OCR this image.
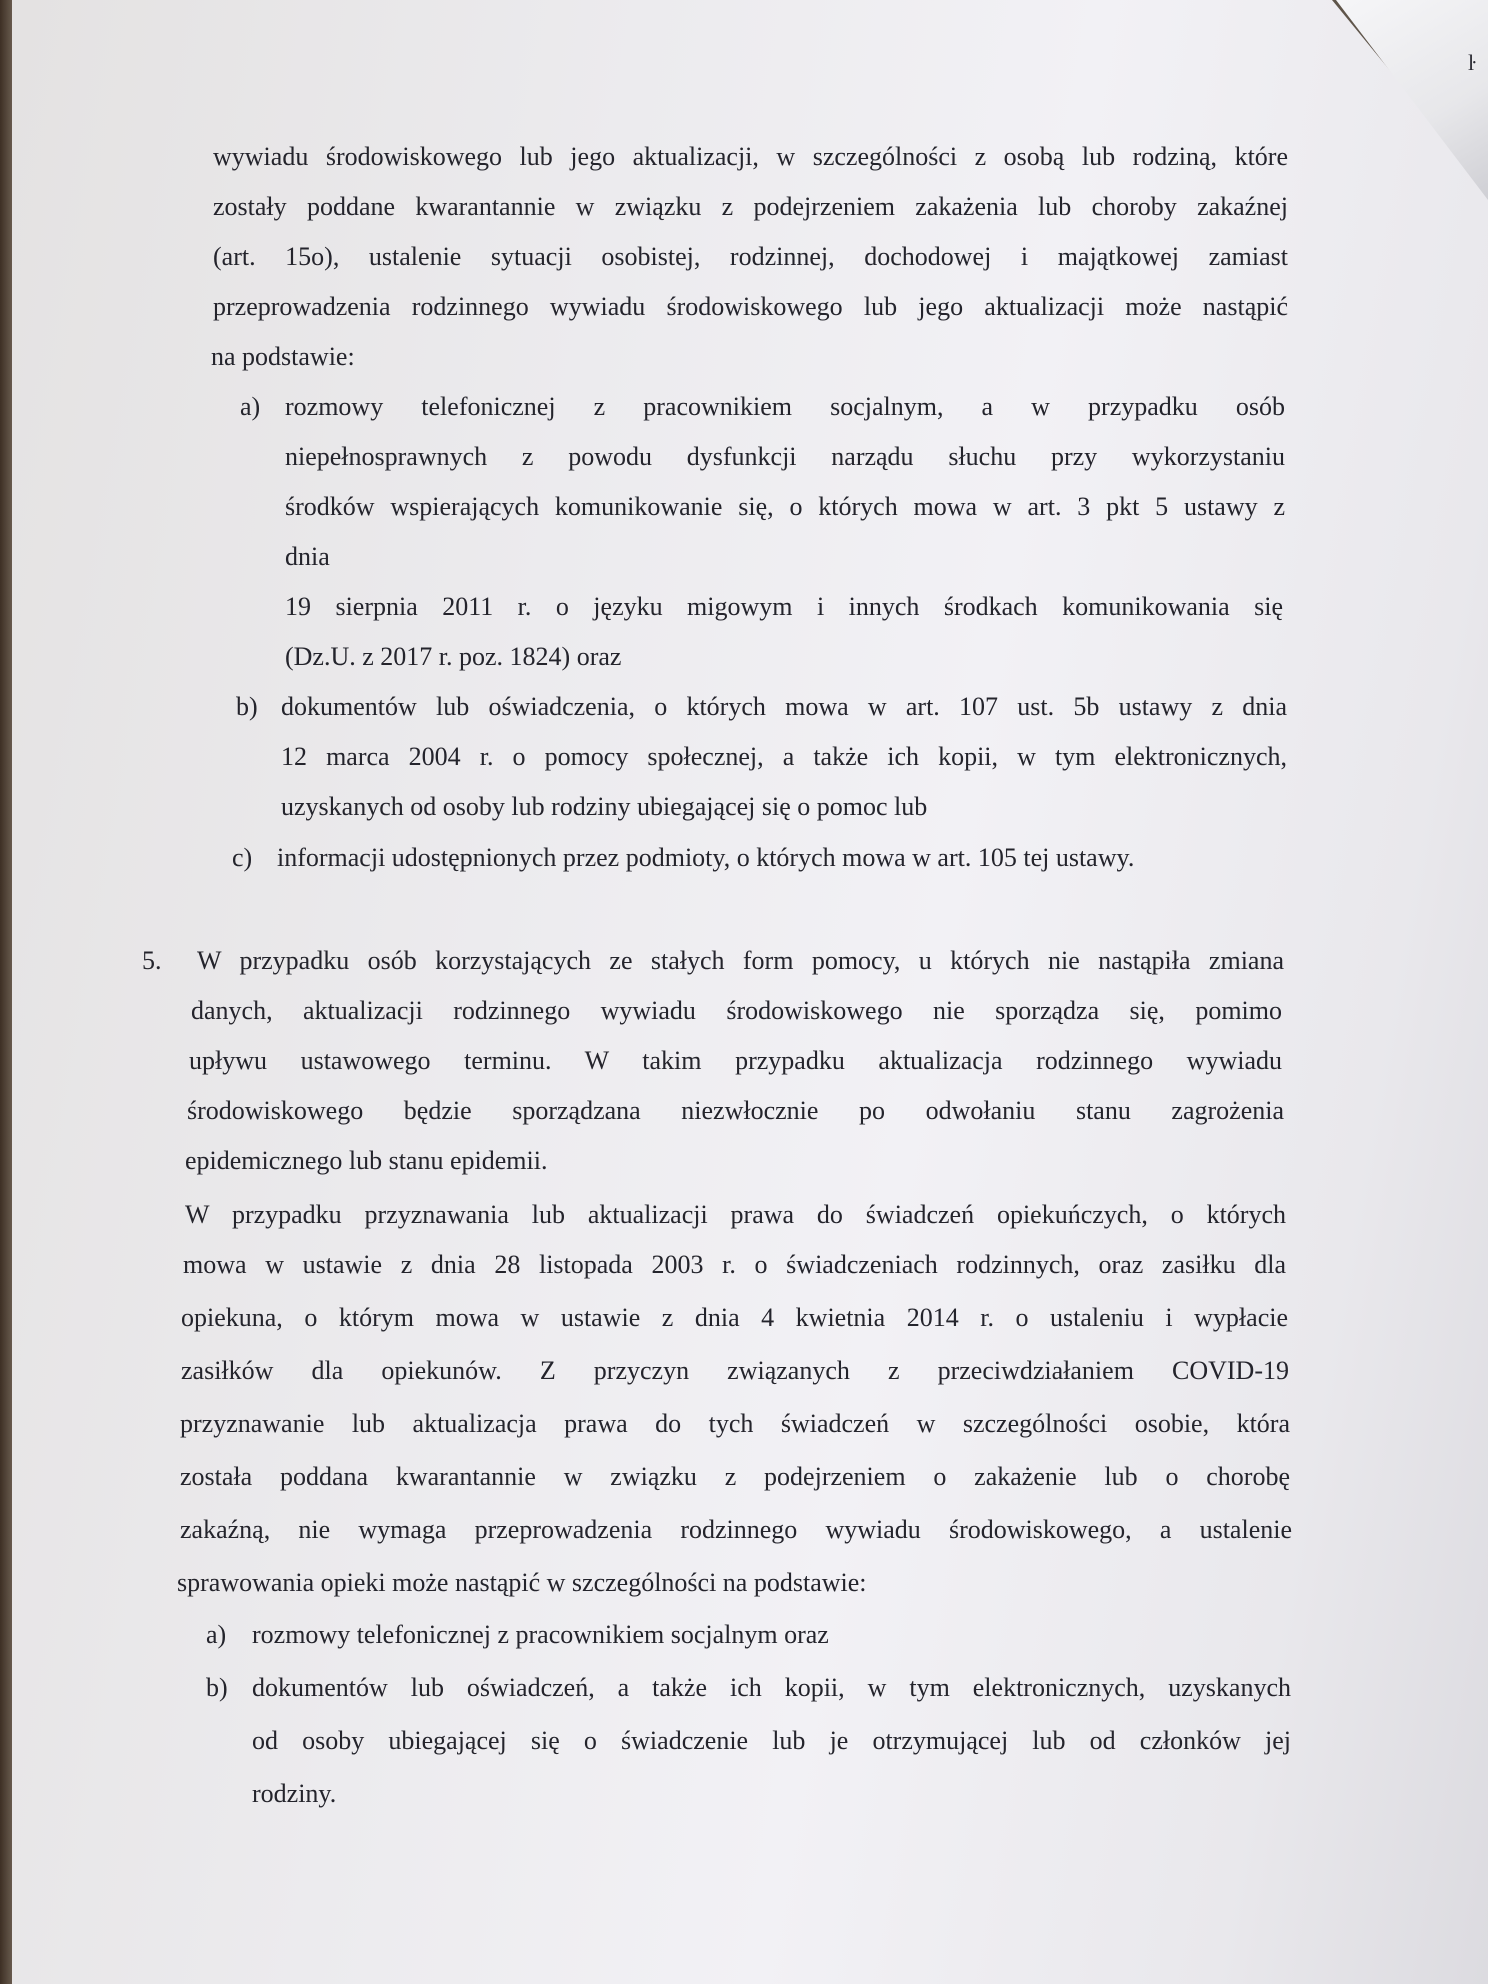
ŀ
wywiadu środowiskowego lub jego aktualizacji, w szczególności z osobą lub rodziną, które
zostały poddane kwarantannie w związku z podejrzeniem zakażenia lub choroby zakaźnej
(art. 15o), ustalenie sytuacji osobistej, rodzinnej, dochodowej i majątkowej zamiast
przeprowadzenia rodzinnego wywiadu środowiskowego lub jego aktualizacji może nastąpić
na podstawie:
a) rozmowy telefonicznej z pracownikiem socjalnym, a w przypadku osób
niepełnosprawnych z powodu dysfunkcji narządu słuchu przy wykorzystaniu
środków wspierających komunikowanie się, o których mowa w art. 3 pkt 5 ustawy z
dnia
19 sierpnia 2011 r. o języku migowym i innych środkach komunikowania się
(Dz.U. z 2017 r. poz. 1824) oraz
b) dokumentów lub oświadczenia, o których mowa w art. 107 ust. 5b ustawy z dnia
12 marca 2004 r. o pomocy społecznej, a także ich kopii, w tym elektronicznych,
uzyskanych od osoby lub rodziny ubiegającej się o pomoc lub
c) informacji udostępnionych przez podmioty, o których mowa w art. 105 tej ustawy.
5. W przypadku osób korzystających ze stałych form pomocy, u których nie nastąpiła zmiana
danych, aktualizacji rodzinnego wywiadu środowiskowego nie sporządza się, pomimo
upływu ustawowego terminu. W takim przypadku aktualizacja rodzinnego wywiadu
środowiskowego będzie sporządzana niezwłocznie po odwołaniu stanu zagrożenia
epidemicznego lub stanu epidemii.
W przypadku przyznawania lub aktualizacji prawa do świadczeń opiekuńczych, o których
mowa w ustawie z dnia 28 listopada 2003 r. o świadczeniach rodzinnych, oraz zasiłku dla
opiekuna, o którym mowa w ustawie z dnia 4 kwietnia 2014 r. o ustaleniu i wypłacie
zasiłków dla opiekunów. Z przyczyn związanych z przeciwdziałaniem COVID-19
przyznawanie lub aktualizacja prawa do tych świadczeń w szczególności osobie, która
została poddana kwarantannie w związku z podejrzeniem o zakażenie lub o chorobę
zakaźną, nie wymaga przeprowadzenia rodzinnego wywiadu środowiskowego, a ustalenie
sprawowania opieki może nastąpić w szczególności na podstawie:
a) rozmowy telefonicznej z pracownikiem socjalnym oraz
b) dokumentów lub oświadczeń, a także ich kopii, w tym elektronicznych, uzyskanych
od osoby ubiegającej się o świadczenie lub je otrzymującej lub od członków jej
rodziny.
